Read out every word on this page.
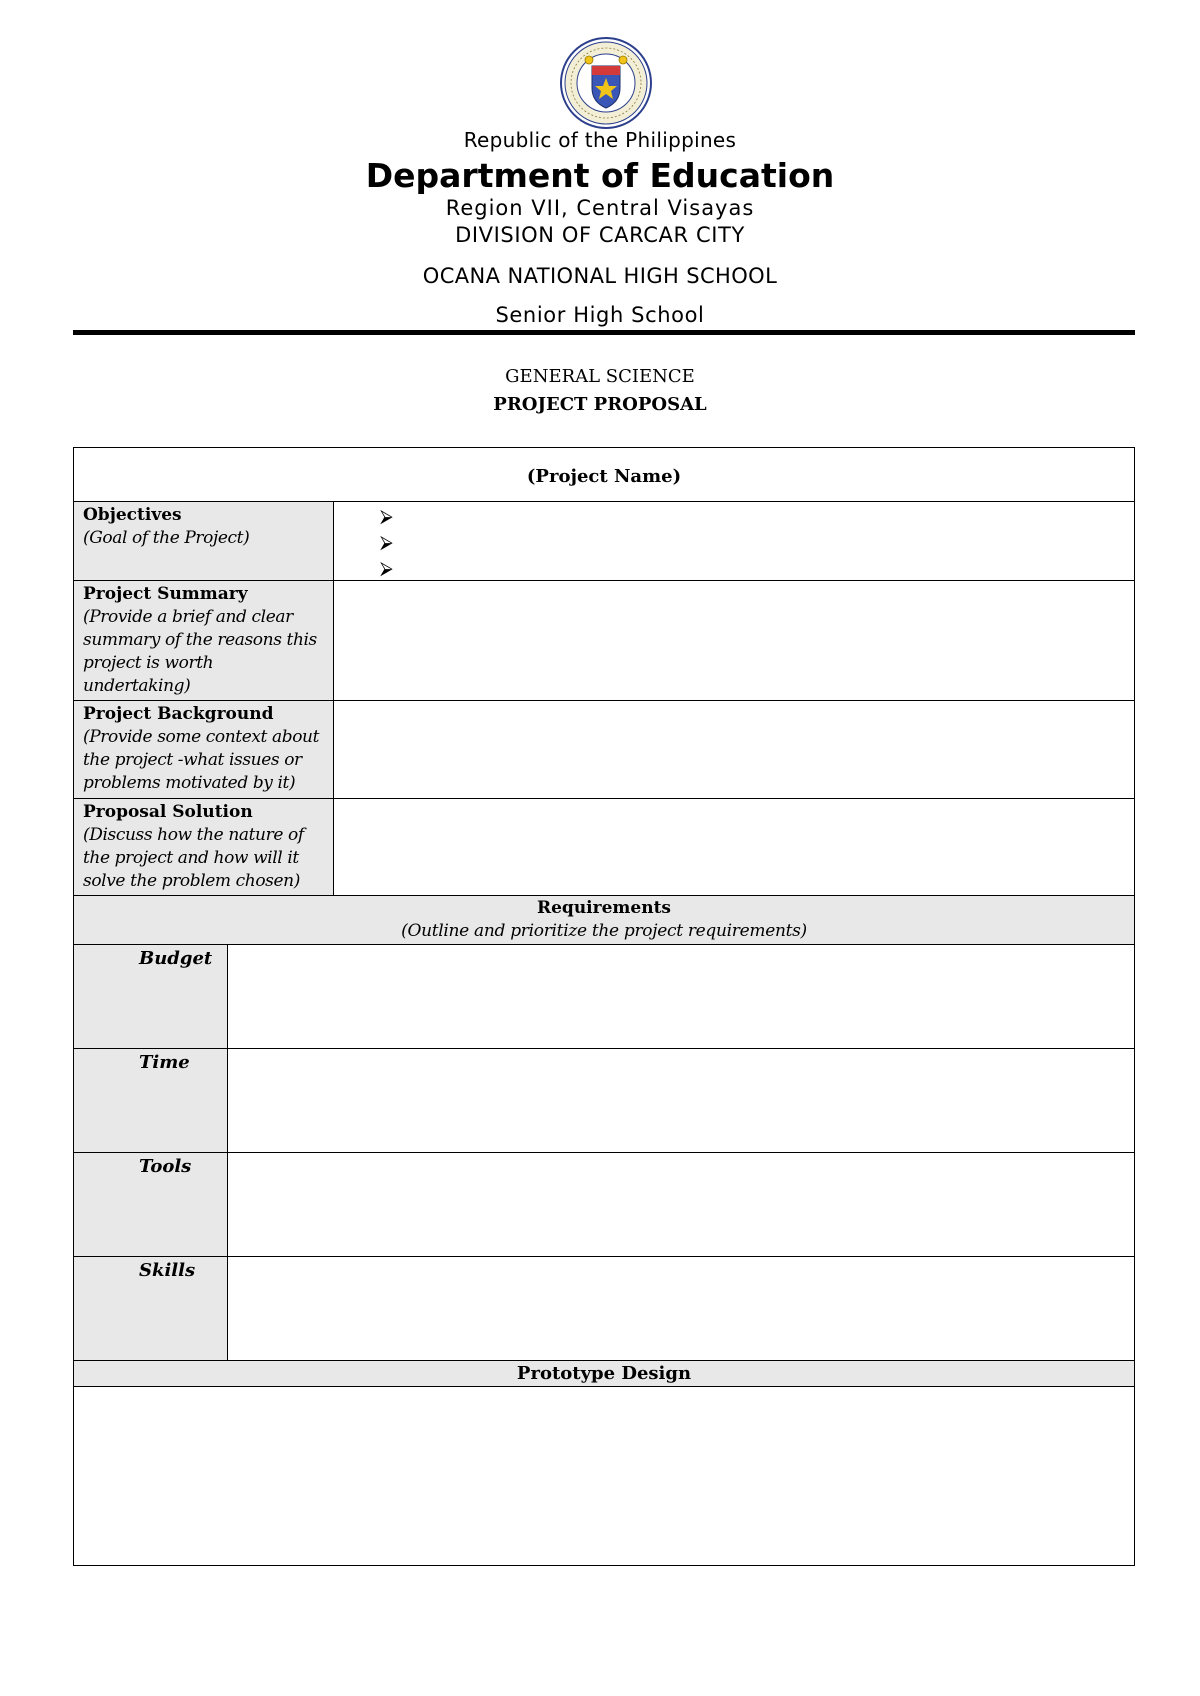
Republic of the Philippines
Department of Education
Region VII, Central Visayas
DIVISION OF CARCAR CITY
OCANA NATIONAL HIGH SCHOOL
Senior High School
GENERAL SCIENCE
PROJECT PROPOSAL
(Project Name)
Objectives
(Goal of the Project)
⮚
⮚
⮚
Project Summary
(Provide a brief and clear summary of the reasons this project is worth undertaking)
Project Background
(Provide some context about the project -what issues or problems motivated by it)
Proposal Solution
(Discuss how the nature of the project and how will it solve the problem chosen)
Requirements
(Outline and prioritize the project requirements)
Budget
Time
Tools
Skills
Prototype Design
